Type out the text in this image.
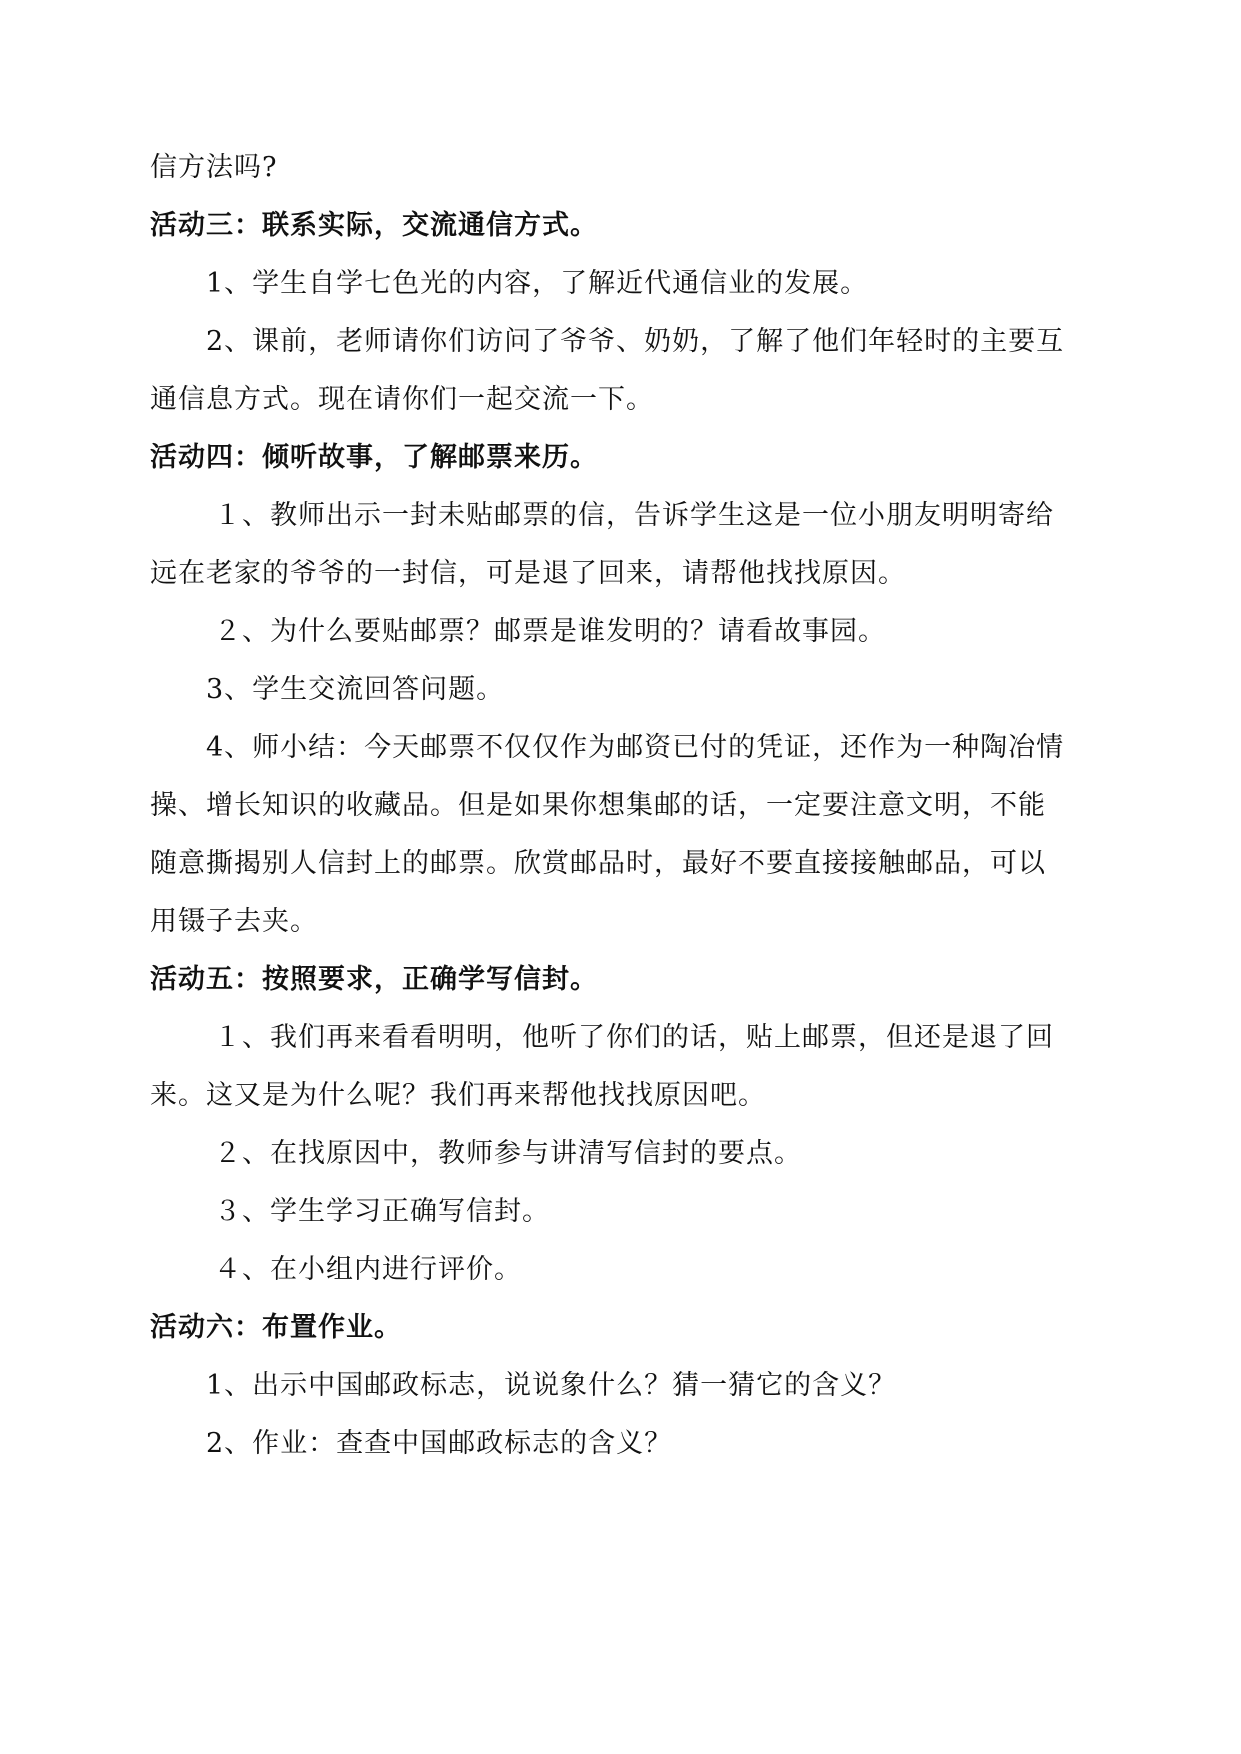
信方法吗?
活动三：联系实际，交流通信方式。
1、学生自学七色光的内容，了解近代通信业的发展。
2、课前，老师请你们访问了爷爷、奶奶，了解了他们年轻时的主要互
通信息方式。现在请你们一起交流一下。
活动四：倾听故事，了解邮票来历。
１、教师出示一封未贴邮票的信，告诉学生这是一位小朋友明明寄给
远在老家的爷爷的一封信，可是退了回来，请帮他找找原因。
２、为什么要贴邮票？邮票是谁发明的？请看故事园。
3、学生交流回答问题。
4、师小结：今天邮票不仅仅作为邮资已付的凭证，还作为一种陶冶情
操、增长知识的收藏品。但是如果你想集邮的话，一定要注意文明，不能
随意撕揭别人信封上的邮票。欣赏邮品时，最好不要直接接触邮品，可以
用镊子去夹。
活动五：按照要求，正确学写信封。
１、我们再来看看明明，他听了你们的话，贴上邮票，但还是退了回
来。这又是为什么呢？我们再来帮他找找原因吧。
２、在找原因中，教师参与讲清写信封的要点。
３、学生学习正确写信封。
４、在小组内进行评价。
活动六：布置作业。
1、出示中国邮政标志，说说象什么？猜一猜它的含义？
2、作业：查查中国邮政标志的含义？
